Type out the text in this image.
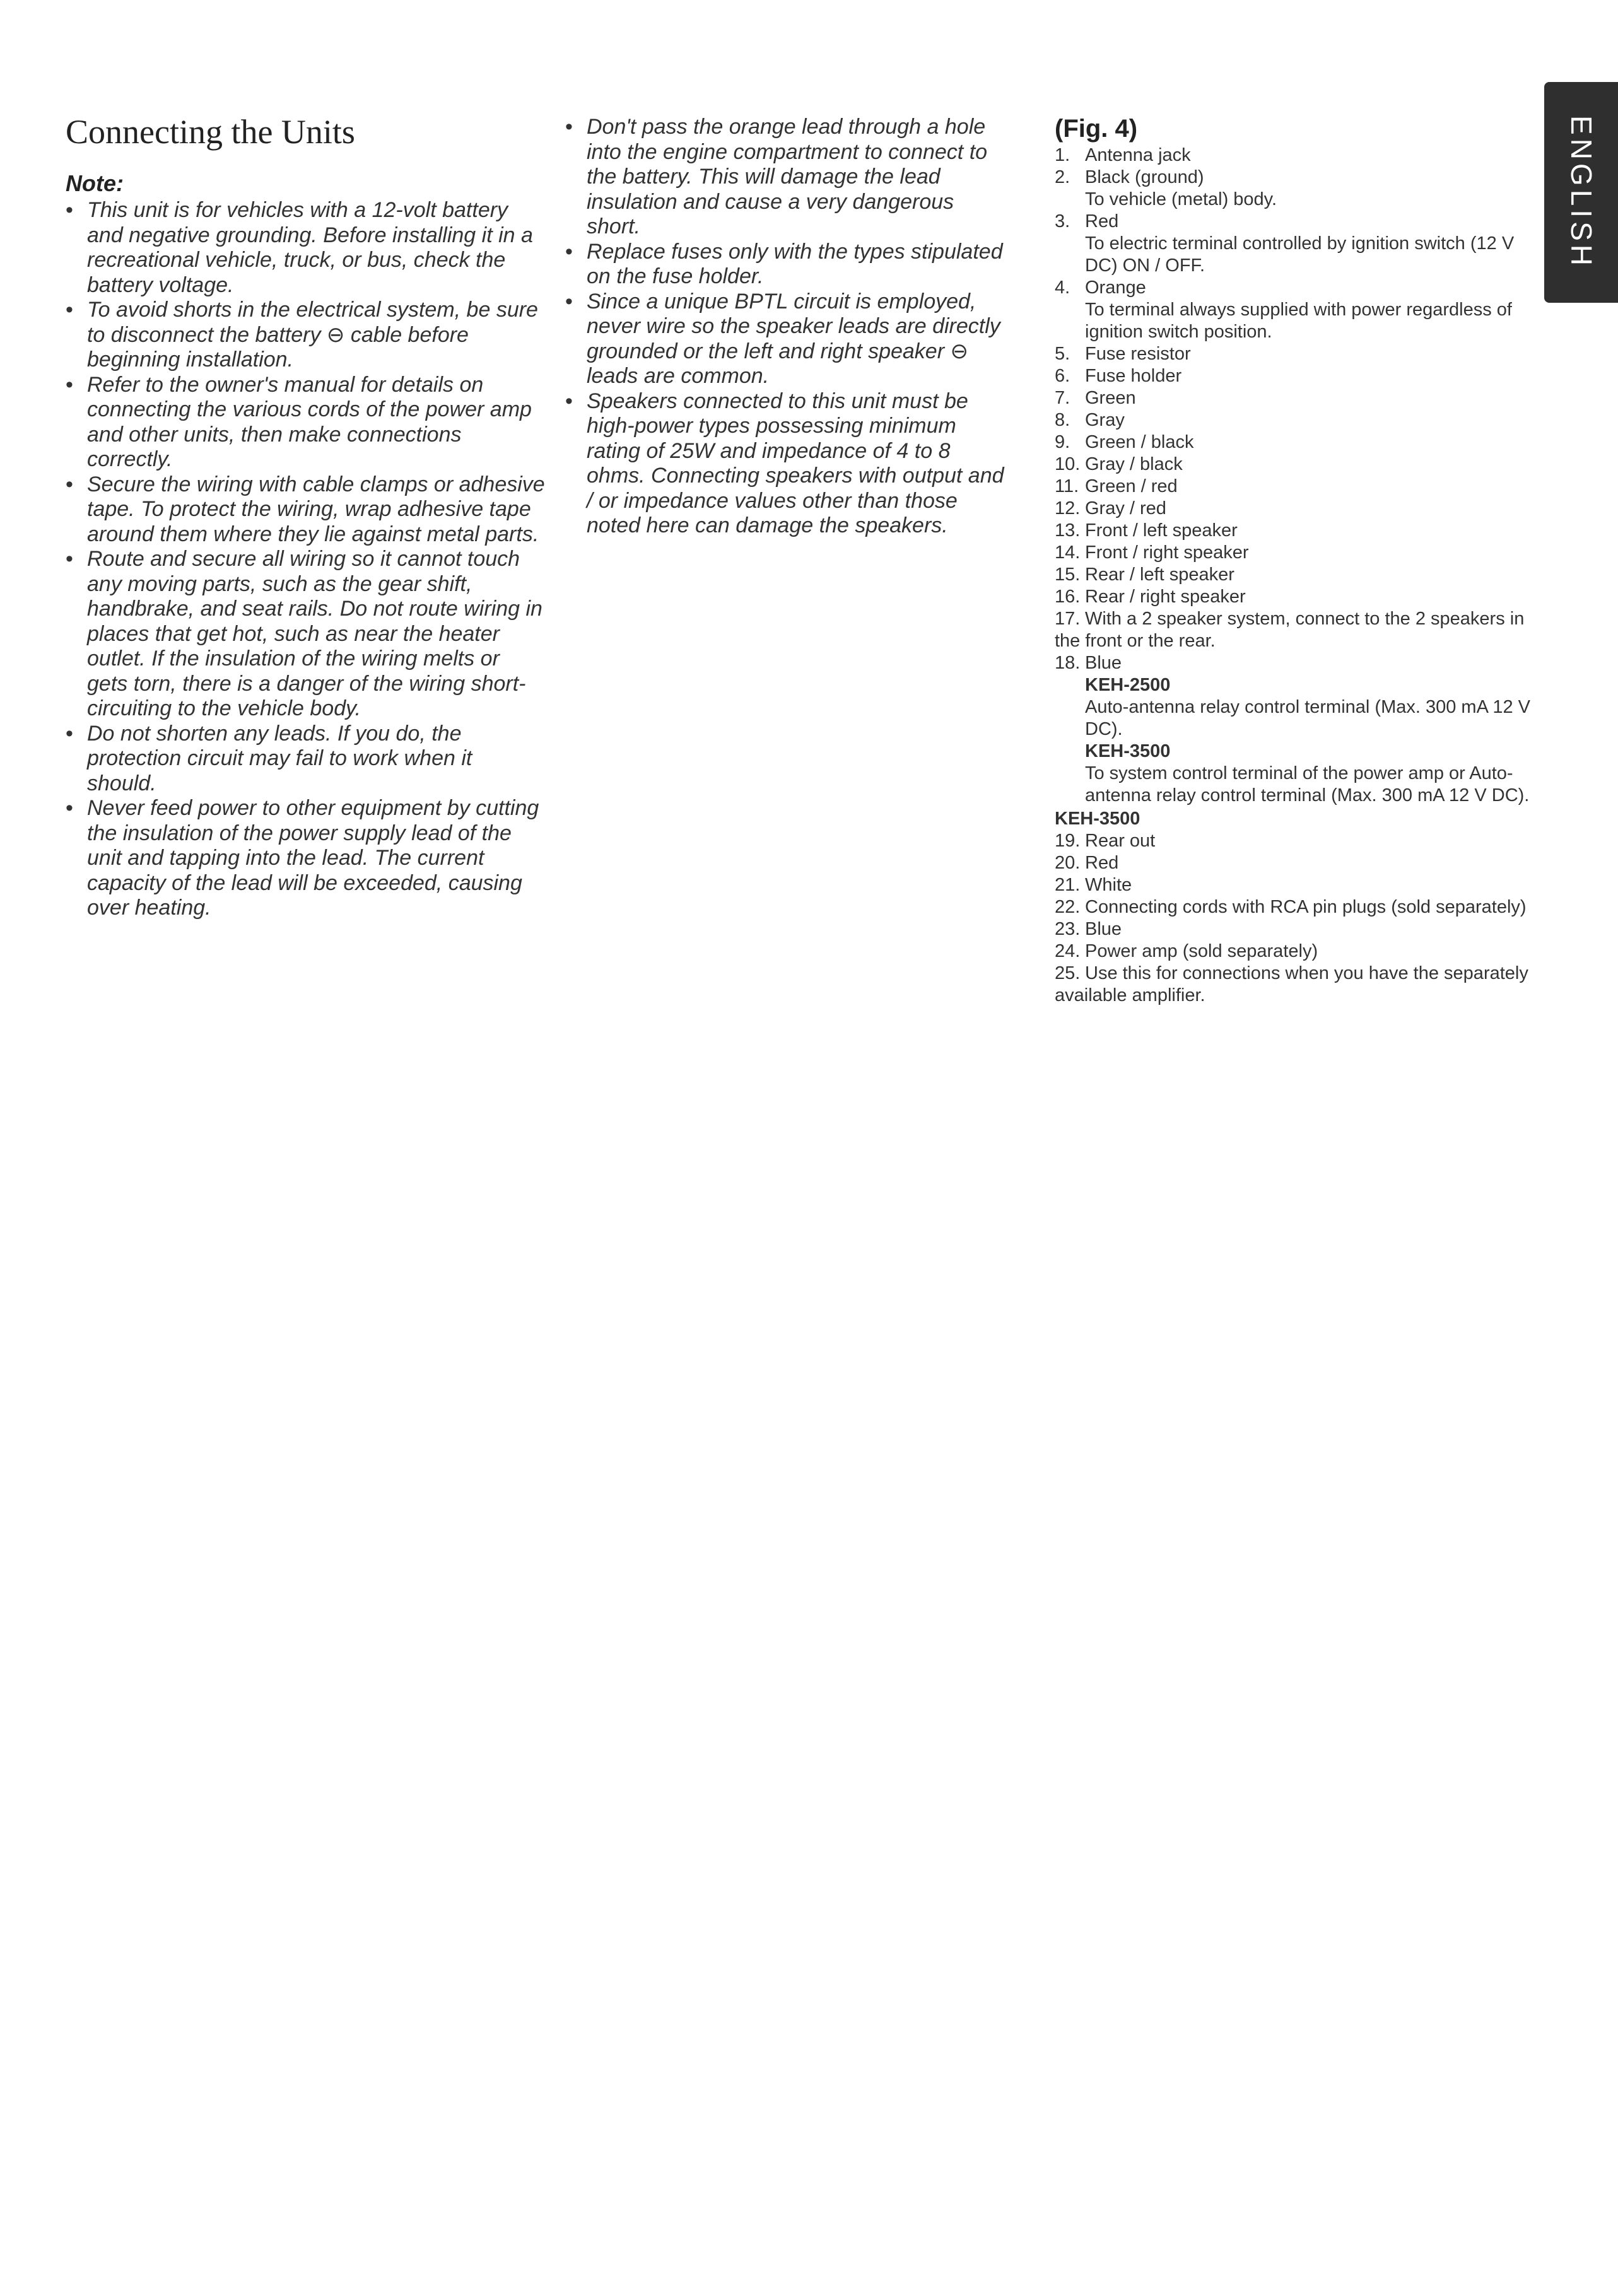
Connecting the Units
Note:
• This unit is for vehicles with a 12-volt battery and negative grounding. Before installing it in a recreational vehicle, truck, or bus, check the battery voltage.
• To avoid shorts in the electrical system, be sure to disconnect the battery ⊖ cable before beginning installation.
• Refer to the owner's manual for details on connecting the various cords of the power amp and other units, then make connections correctly.
• Secure the wiring with cable clamps or adhesive tape. To protect the wiring, wrap adhesive tape around them where they lie against metal parts.
• Route and secure all wiring so it cannot touch any moving parts, such as the gear shift, handbrake, and seat rails. Do not route wiring in places that get hot, such as near the heater outlet. If the insulation of the wiring melts or gets torn, there is a danger of the wiring short-circuiting to the vehicle body.
• Do not shorten any leads. If you do, the protection circuit may fail to work when it should.
• Never feed power to other equipment by cutting the insulation of the power supply lead of the unit and tapping into the lead. The current capacity of the lead will be exceeded, causing over heating.
• Don't pass the orange lead through a hole into the engine compartment to connect to the battery. This will damage the lead insulation and cause a very dangerous short.
• Replace fuses only with the types stipulated on the fuse holder.
• Since a unique BPTL circuit is employed, never wire so the speaker leads are directly grounded or the left and right speaker ⊖ leads are common.
• Speakers connected to this unit must be high-power types possessing minimum rating of 25W and impedance of 4 to 8 ohms. Connecting speakers with output and / or impedance values other than those noted here can damage the speakers.
(Fig. 4)
1. Antenna jack
2. Black (ground)
To vehicle (metal) body.
3. Red
To electric terminal controlled by ignition switch (12 V DC) ON / OFF.
4. Orange
To terminal always supplied with power regardless of ignition switch position.
5. Fuse resistor
6. Fuse holder
7. Green
8. Gray
9. Green / black
10. Gray / black
11. Green / red
12. Gray / red
13. Front / left speaker
14. Front / right speaker
15. Rear / left speaker
16. Rear / right speaker
17. With a 2 speaker system, connect to the 2 speakers in the front or the rear.
18. Blue
KEH-2500
Auto-antenna relay control terminal (Max. 300 mA 12 V DC).
KEH-3500
To system control terminal of the power amp or Auto-antenna relay control terminal (Max. 300 mA 12 V DC).
KEH-3500
19. Rear out
20. Red
21. White
22. Connecting cords with RCA pin plugs (sold separately)
23. Blue
24. Power amp (sold separately)
25. Use this for connections when you have the separately available amplifier.
ENGLISH
